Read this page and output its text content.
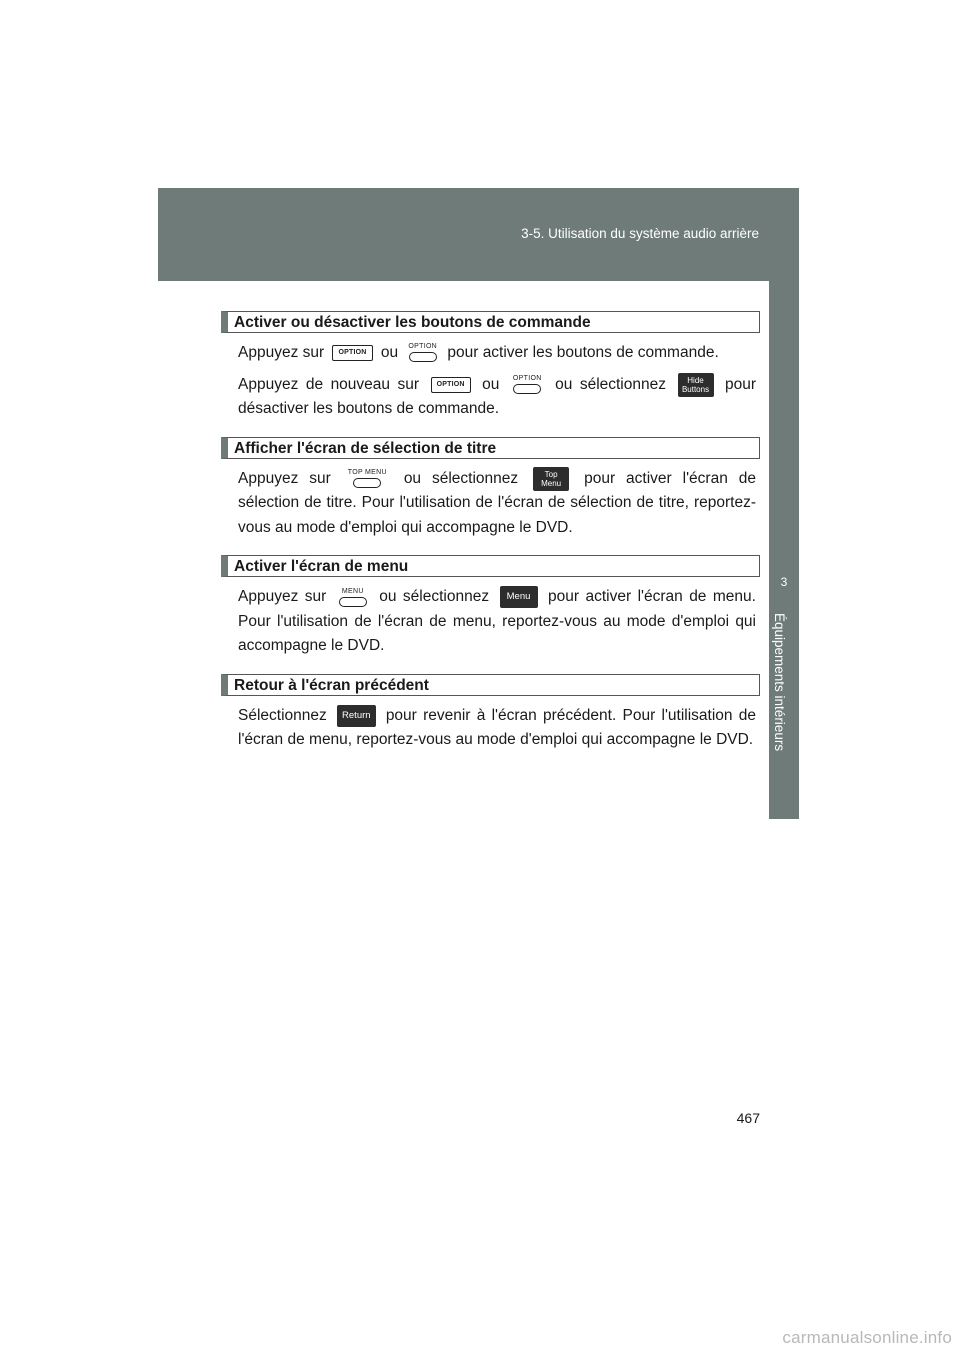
3-5. Utilisation du système audio arrière
3
Équipements intérieurs
Activer ou désactiver les boutons de commande

Appuyez sur OPTION ou OPTION pour activer les boutons de commande.

Appuyez de nouveau sur	OPTION ou OPTION ou sélectionnez	Hide
Buttons pour désactiver les boutons de commande.

Afficher l'écran de sélection de titre

Appuyez sur TOP MENU ou sélectionnez	Top
Menu pour activer l'écran de sélection de titre. Pour l'utilisation de l'écran de sélection de titre, reportez-vous au mode d'emploi qui accompagne le DVD.

Activer l'écran de menu

Appuyez sur	MENU ou sélectionnez Menu pour activer l'écran de menu. Pour l'utilisation de l'écran de menu, reportez-vous au mode d'emploi qui accompagne le DVD.

Retour à l'écran précédent

Sélectionnez Return pour revenir à l'écran précédent. Pour l'utilisation de l'écran de menu, reportez-vous au mode d'emploi qui accompagne le DVD.

467
carmanualsonline.info
